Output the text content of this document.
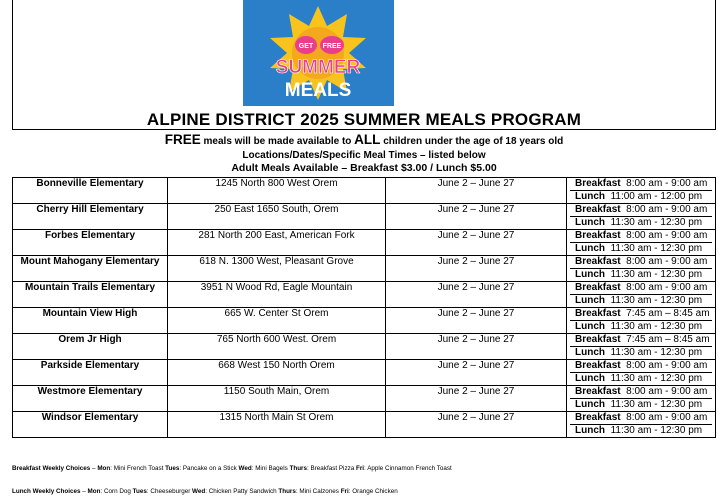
GET FREE
SUMMER
MEALS
ALPINE DISTRICT 2025 SUMMER MEALS PROGRAM
FREE meals will be made available to ALL children under the age of 18 years old
Locations/Dates/Specific Meal Times – listed below
Adult Meals Available – Breakfast $3.00 / Lunch $5.00
Bonneville Elementary	1245 North 800 West Orem	June 2 – June 27	Breakfast 8:00 am - 9:00 am
Lunch 11:00 am - 12:00 pm

Cherry Hill Elementary	250 East 1650 South, Orem	June 2 – June 27	Breakfast 8:00 am - 9:00 am
Lunch 11:30 am - 12:30 pm

Forbes Elementary	281 North 200 East, American Fork	June 2 – June 27	Breakfast 8:00 am - 9:00 am
Lunch 11:30 am - 12:30 pm

Mount Mahogany Elementary	618 N. 1300 West, Pleasant Grove	June 2 – June 27	Breakfast 8:00 am - 9:00 am
Lunch 11:30 am - 12:30 pm

Mountain Trails Elementary	3951 N Wood Rd, Eagle Mountain	June 2 – June 27	Breakfast 8:00 am - 9:00 am
Lunch 11:30 am - 12:30 pm

Mountain View High	665 W. Center St Orem	June 2 – June 27	Breakfast 7:45 am – 8:45 am
Lunch 11:30 am - 12:30 pm

Orem Jr High	765 North 600 West. Orem	June 2 – June 27	Breakfast 7:45 am – 8:45 am
Lunch 11:30 am - 12:30 pm

Parkside Elementary	668 West 150 North Orem	June 2 – June 27	Breakfast 8:00 am - 9:00 am
Lunch 11:30 am - 12:30 pm

Westmore Elementary	1150 South Main, Orem	June 2 – June 27	Breakfast 8:00 am - 9:00 am
Lunch 11:30 am - 12:30 pm

Windsor Elementary	1315 North Main St Orem	June 2 – June 27	Breakfast 8:00 am - 9:00 am
Lunch 11:30 am - 12:30 pm
Breakfast Weekly Choices – Mon: Mini French Toast Tues: Pancake on a Stick Wed: Mini Bagels Thurs: Breakfast Pizza Fri: Apple Cinnamon French Toast
Lunch Weekly Choices – Mon: Corn Dog Tues: Cheeseburger Wed: Chicken Patty Sandwich Thurs: Mini Calzones Fri: Orange Chicken
